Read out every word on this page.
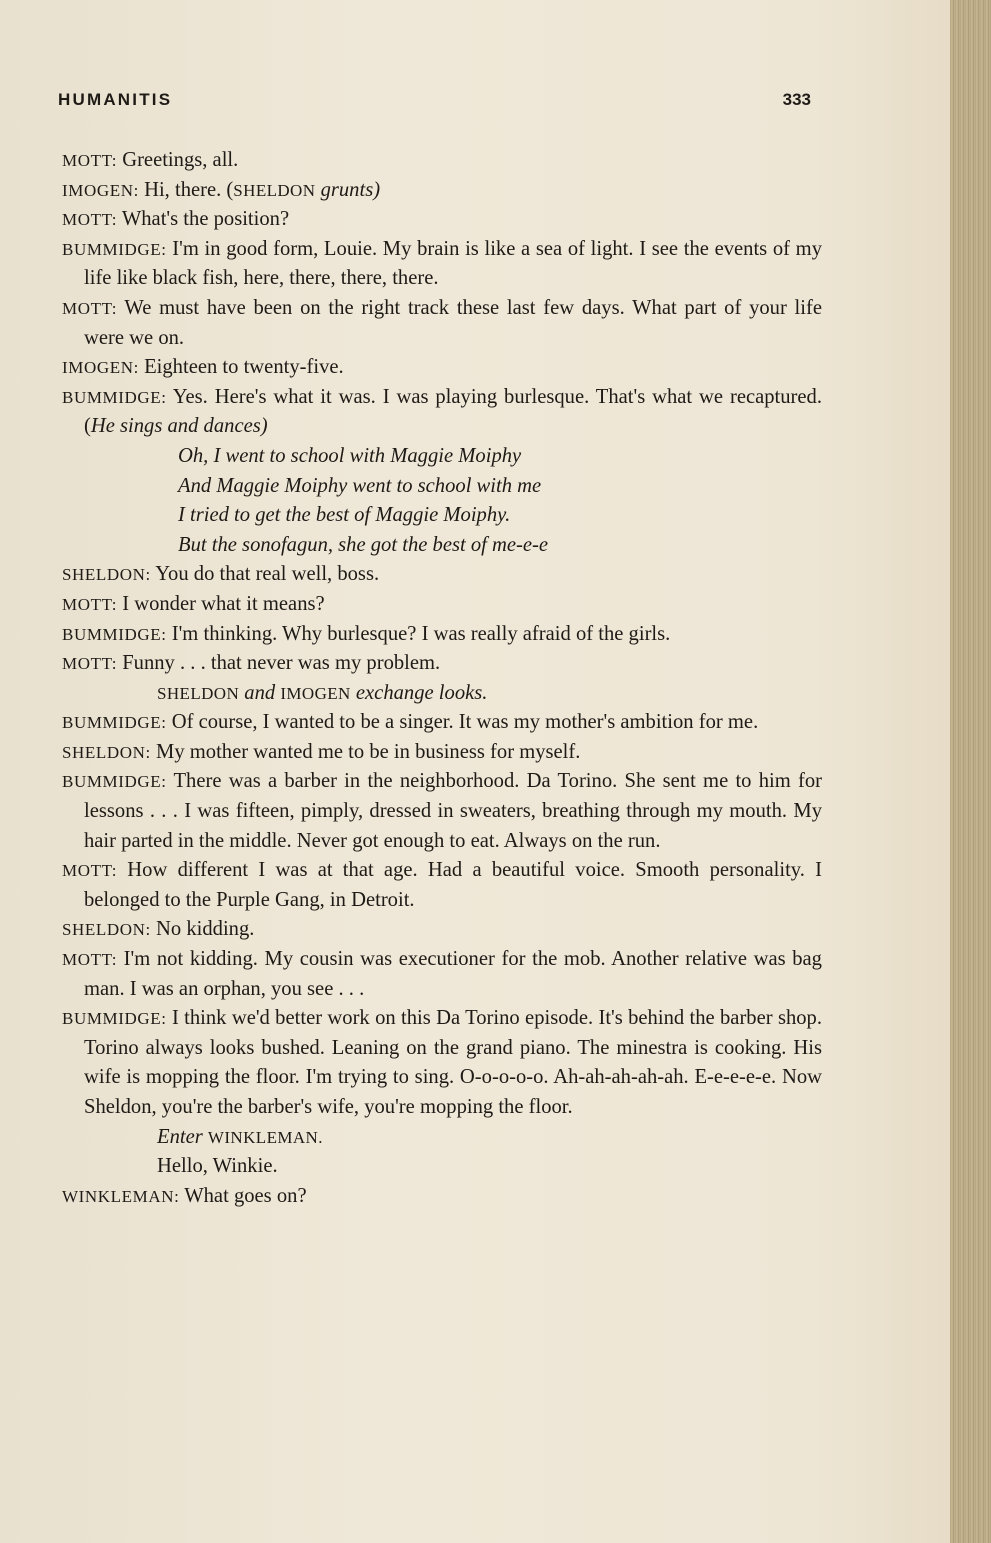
HUMANITIS	333

MOTT: Greetings, all.

IMOGEN: Hi, there. (SHELDON grunts)

MOTT: What's the position?

BUMMIDGE: I'm in good form, Louie. My brain is like a sea of light. I see the events of my life like black fish, here, there, there, there.

MOTT: We must have been on the right track these last few days. What part of your life were we on.

IMOGEN: Eighteen to twenty-five.

BUMMIDGE: Yes. Here's what it was. I was playing burlesque. That's what we recaptured. (He sings and dances)

Oh, I went to school with Maggie Moiphy

And Maggie Moiphy went to school with me

I tried to get the best of Maggie Moiphy.

But the sonofagun, she got the best of me-e-e

SHELDON: You do that real well, boss.

MOTT: I wonder what it means?

BUMMIDGE: I'm thinking. Why burlesque? I was really afraid of the girls.

MOTT: Funny . . . that never was my problem.

SHELDON and IMOGEN exchange looks.

BUMMIDGE: Of course, I wanted to be a singer. It was my mother's ambition for me.

SHELDON: My mother wanted me to be in business for myself.

BUMMIDGE: There was a barber in the neighborhood. Da Torino. She sent me to him for lessons . . . I was fifteen, pimply, dressed in sweaters, breathing through my mouth. My hair parted in the middle. Never got enough to eat. Always on the run.

MOTT: How different I was at that age. Had a beautiful voice. Smooth personality. I belonged to the Purple Gang, in Detroit.

SHELDON: No kidding.

MOTT: I'm not kidding. My cousin was executioner for the mob. Another relative was bag man. I was an orphan, you see . . .

BUMMIDGE: I think we'd better work on this Da Torino episode. It's behind the barber shop. Torino always looks bushed. Leaning on the grand piano. The minestra is cooking. His wife is mopping the floor. I'm trying to sing. O-o-o-o-o. Ah-ah-ah-ah-ah. E-e-e-e-e. Now Sheldon, you're the barber's wife, you're mopping the floor.

Enter WINKLEMAN.

Hello, Winkie.

WINKLEMAN: What goes on?
